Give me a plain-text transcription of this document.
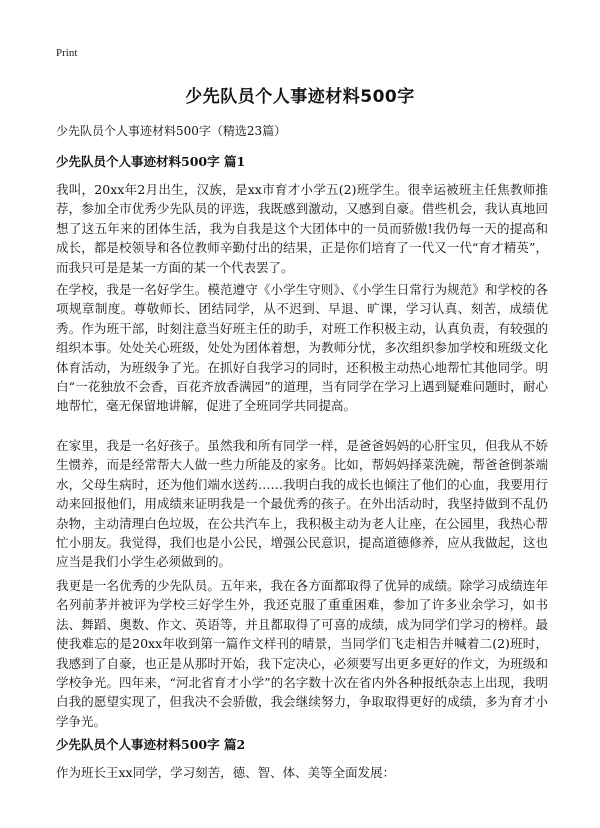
Print
少先队员个人事迹材料500字

少先队员个人事迹材料500字（精选23篇）

少先队员个人事迹材料500字 篇1

我叫，20xx年2月出生，汉族，是xx市育才小学五(2)班学生。很幸运被班主任焦教师推荐，参加全市优秀少先队员的评选，我既感到激动，又感到自豪。借些机会，我认真地回想了这五年来的团体生活，我为自我是这个大团体中的一员而骄傲!我仍每一天的提高和成长，都是校领导和各位教师辛勤付出的结果，正是你们培育了一代又一代“育才精英”，而我只可是是某一方面的某一个代表罢了。

在学校，我是一名好学生。模范遵守《小学生守则》、《小学生日常行为规范》和学校的各项规章制度。尊敬师长、团结同学，从不迟到、早退、旷课，学习认真、刻苦，成绩优秀。作为班干部，时刻注意当好班主任的助手，对班工作积极主动，认真负责，有较强的组织本事。处处关心班级，处处为团体着想，为教师分忧，多次组织参加学校和班级文化体育活动，为班级争了光。在抓好自我学习的同时，还积极主动热心地帮忙其他同学。明白“一花独放不会香，百花齐放香满园”的道理，当有同学在学习上遇到疑难问题时，耐心地帮忙，毫无保留地讲解，促进了全班同学共同提高。

在家里，我是一名好孩子。虽然我和所有同学一样，是爸爸妈妈的心肝宝贝，但我从不娇生惯养，而是经常帮大人做一些力所能及的家务。比如，帮妈妈择菜洗碗，帮爸爸倒茶端水，父母生病时，还为他们端水送药……我明白我的成长也倾注了他们的心血，我要用行动来回报他们，用成绩来证明我是一个最优秀的孩子。在外出活动时，我坚持做到不乱仍杂物，主动清理白色垃圾，在公共汽车上，我积极主动为老人让座，在公园里，我热心帮忙小朋友。我觉得，我们也是小公民，增强公民意识，提高道德修养，应从我做起，这也应当是我们小学生必须做到的。

我更是一名优秀的少先队员。五年来，我在各方面都取得了优异的成绩。除学习成绩连年名列前茅并被评为学校三好学生外，我还克服了重重困难，参加了许多业余学习，如书法、舞蹈、奥数、作文、英语等，并且都取得了可喜的成绩，成为同学们学习的榜样。最使我难忘的是20xx年收到第一篇作文样刊的晴景，当同学们飞走相告并喊着二(2)班时，我感到了自豪，也正是从那时开始，我下定决心，必须要写出更多更好的作文，为班级和学校争光。四年来，“河北省育才小学”的名字数十次在省内外各种报纸杂志上出现，我明白我的愿望实现了，但我决不会骄傲，我会继续努力，争取取得更好的成绩，多为育才小学争光。

少先队员个人事迹材料500字 篇2

作为班长王xx同学，学习刻苦，德、智、体、美等全面发展：
